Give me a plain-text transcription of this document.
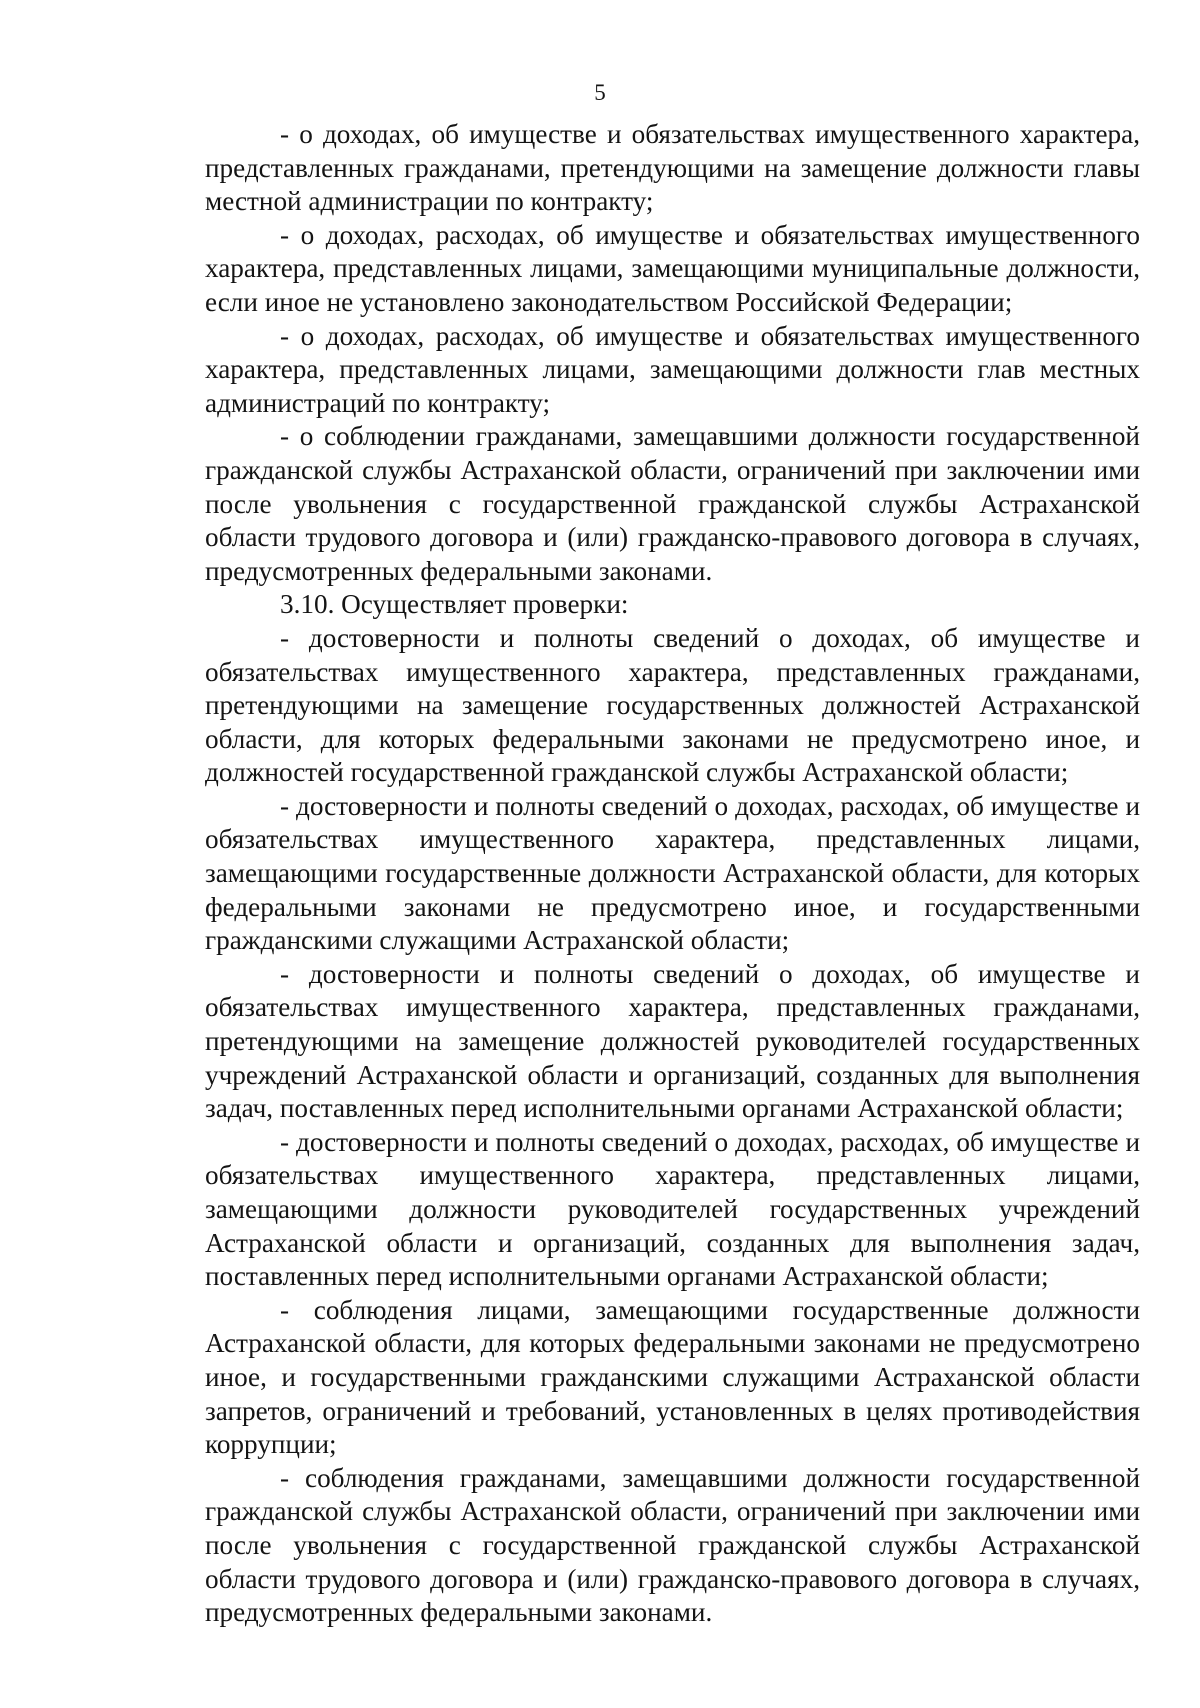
5

- о доходах, об имуществе и обязательствах имущественного характера, представленных гражданами, претендующими на замещение должности главы местной администрации по контракту;

- о доходах, расходах, об имуществе и обязательствах имущественного характера, представленных лицами, замещающими муниципальные должности, если иное не установлено законодательством Российской Федерации;

- о доходах, расходах, об имуществе и обязательствах имущественного характера, представленных лицами, замещающими должности глав местных администраций по контракту;

- о соблюдении гражданами, замещавшими должности государственной гражданской службы Астраханской области, ограничений при заключении ими после увольнения с государственной гражданской службы Астраханской области трудового договора и (или) гражданско-правового договора в случаях, предусмотренных федеральными законами.

3.10. Осуществляет проверки:

- достоверности и полноты сведений о доходах, об имуществе и обязательствах имущественного характера, представленных гражданами, претендующими на замещение государственных должностей Астраханской области, для которых федеральными законами не предусмотрено иное, и должностей государственной гражданской службы Астраханской области;

- достоверности и полноты сведений о доходах, расходах, об имуществе и обязательствах имущественного характера, представленных лицами, замещающими государственные должности Астраханской области, для которых федеральными законами не предусмотрено иное, и государственными гражданскими служащими Астраханской области;

- достоверности и полноты сведений о доходах, об имуществе и обязательствах имущественного характера, представленных гражданами, претендующими на замещение должностей руководителей государственных учреждений Астраханской области и организаций, созданных для выполнения задач, поставленных перед исполнительными органами Астраханской области;

- достоверности и полноты сведений о доходах, расходах, об имуществе и обязательствах имущественного характера, представленных лицами, замещающими должности руководителей государственных учреждений Астраханской области и организаций, созданных для выполнения задач, поставленных перед исполнительными органами Астраханской области;

- соблюдения лицами, замещающими государственные должности Астраханской области, для которых федеральными законами не предусмотрено иное, и государственными гражданскими служащими Астраханской области запретов, ограничений и требований, установленных в целях противодействия коррупции;

- соблюдения гражданами, замещавшими должности государственной гражданской службы Астраханской области, ограничений при заключении ими после увольнения с государственной гражданской службы Астраханской области трудового договора и (или) гражданско-правового договора в случаях, предусмотренных федеральными законами.
